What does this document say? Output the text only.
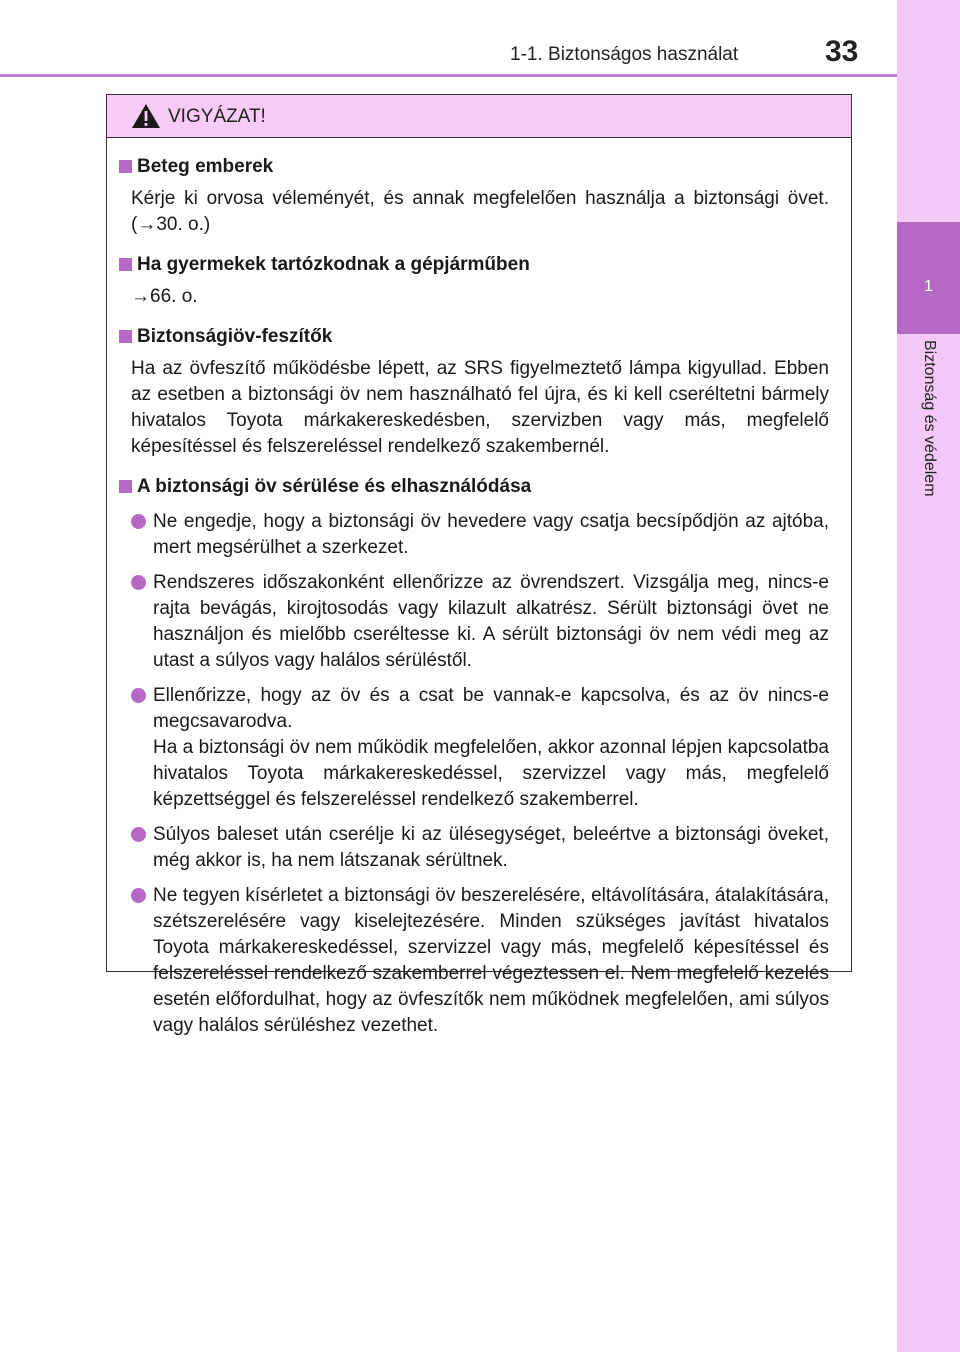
1-1. Biztonságos használat	33
1
Biztonság és védelem
VIGYÁZAT!
Beteg emberek
Kérje ki orvosa véleményét, és annak megfelelően használja a biztonsági övet. (→30. o.)
Ha gyermekek tartózkodnak a gépjárműben
→66. o.
Biztonságiöv-feszítők
Ha az övfeszítő működésbe lépett, az SRS figyelmeztető lámpa kigyullad. Ebben az esetben a biztonsági öv nem használható fel újra, és ki kell cseréltetni bármely hivatalos Toyota márkakereskedésben, szervizben vagy más, megfelelő képesítéssel és felszereléssel rendelkező szakembernél.
A biztonsági öv sérülése és elhasználódása

Ne engedje, hogy a biztonsági öv hevedere vagy csatja becsípődjön az ajtóba, mert megsérülhet a szerkezet.

Rendszeres időszakonként ellenőrizze az övrendszert. Vizsgálja meg, nincs-e rajta bevágás, kirojtosodás vagy kilazult alkatrész. Sérült biztonsági övet ne használjon és mielőbb cseréltesse ki. A sérült biztonsági öv nem védi meg az utast a súlyos vagy halálos sérüléstől.

Ellenőrizze, hogy az öv és a csat be vannak-e kapcsolva, és az öv nincs-e megcsavarodva.

Ha a biztonsági öv nem működik megfelelően, akkor azonnal lépjen kapcsolatba hivatalos Toyota márkakereskedéssel, szervizzel vagy más, megfelelő képzettséggel és felszereléssel rendelkező szakemberrel.

Súlyos baleset után cserélje ki az ülésegységet, beleértve a biztonsági öveket, még akkor is, ha nem látszanak sérültnek.

Ne tegyen kísérletet a biztonsági öv beszerelésére, eltávolítására, átalakítására, szétszerelésére vagy kiselejtezésére. Minden szükséges javítást hivatalos Toyota márkakereskedéssel, szervizzel vagy más, megfelelő képesítéssel és felszereléssel rendelkező szakemberrel végeztessen el. Nem megfelelő kezelés esetén előfordulhat, hogy az övfeszítők nem működnek megfelelően, ami súlyos vagy halálos sérüléshez vezethet.
